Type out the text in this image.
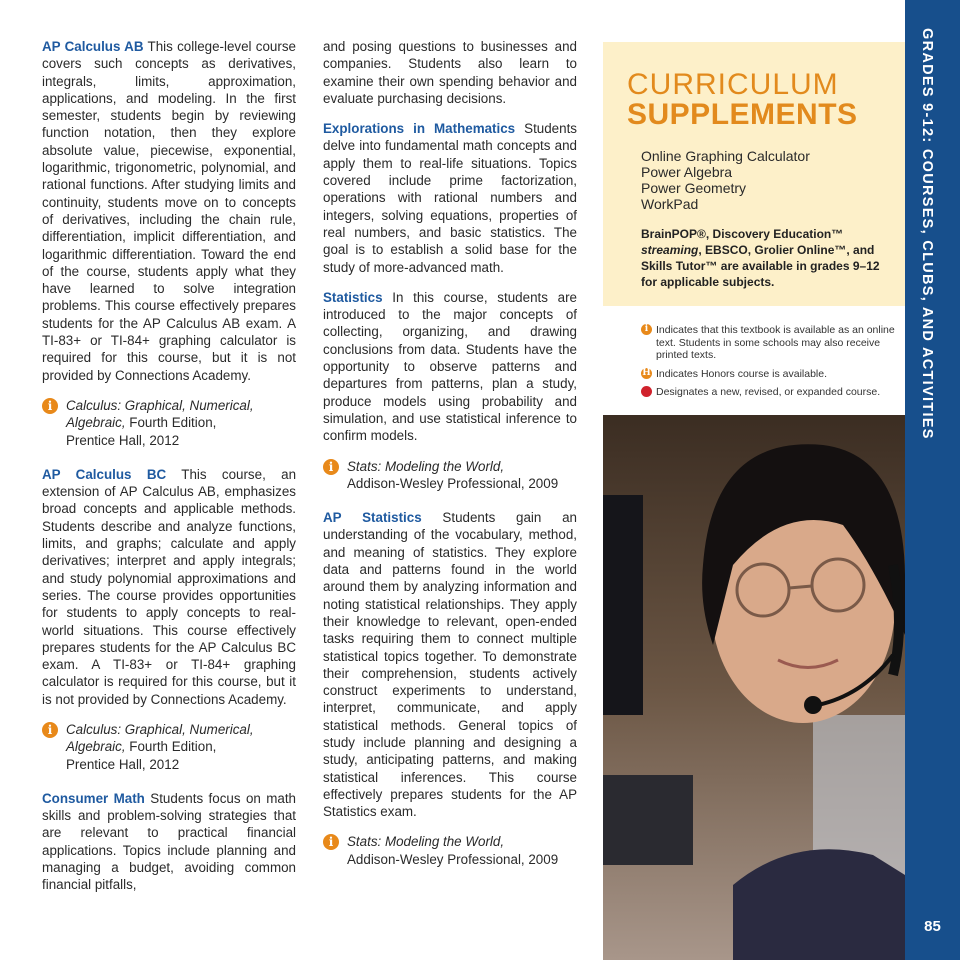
AP Calculus AB This college-level course covers such concepts as derivatives, integrals, limits, approximation, applications, and modeling. In the first semester, students begin by reviewing function notation, then they explore absolute value, piecewise, exponential, logarithmic, trigonometric, polynomial, and rational functions. After studying limits and continuity, students move on to concepts of derivatives, including the chain rule, differentiation, implicit differentiation, and logarithmic differentiation. Toward the end of the course, students apply what they have learned to solve integration problems. This course effectively prepares students for the AP Calculus AB exam. A TI-83+ or TI-84+ graphing calculator is required for this course, but it is not provided by Connections Academy.

i	Calculus: Graphical, Numerical, Algebraic, Fourth Edition,
Prentice Hall, 2012

AP Calculus BC This course, an extension of AP Calculus AB, emphasizes broad concepts and applicable methods. Students describe and analyze functions, limits, and graphs; calculate and apply derivatives; interpret and apply integrals; and study polynomial approximations and series. The course provides opportunities for students to apply concepts to real-world situations. This course effectively prepares students for the AP Calculus BC exam. A TI-83+ or TI-84+ graphing calculator is required for this course, but it is not provided by Connections Academy.

i	Calculus: Graphical, Numerical, Algebraic, Fourth Edition,
Prentice Hall, 2012

Consumer Math Students focus on math skills and problem-solving strategies that are relevant to practical financial applications. Topics include planning and managing a budget, avoiding common financial pitfalls,

and posing questions to businesses and companies. Students also learn to examine their own spending behavior and evaluate purchasing decisions.

Explorations in Mathematics Students delve into fundamental math concepts and apply them to real-life situations. Topics covered include prime factorization, operations with rational numbers and integers, solving equations, properties of real numbers, and basic statistics. The goal is to establish a solid base for the study of more-advanced math.

Statistics In this course, students are introduced to the major concepts of collecting, organizing, and drawing conclusions from data. Students have the opportunity to observe patterns and departures from patterns, plan a study, produce models using probability and simulation, and use statistical inference to confirm models.

i	Stats: Modeling the World,
Addison-Wesley Professional, 2009

AP Statistics Students gain an understanding of the vocabulary, method, and meaning of statistics. They explore data and patterns found in the world around them by analyzing information and noting statistical relationships. They apply their knowledge to relevant, open-ended tasks requiring them to connect multiple statistical topics together. To demonstrate their comprehension, students actively construct experiments to understand, interpret, communicate, and apply statistical methods. General topics of study include planning and designing a study, anticipating patterns, and making statistical inferences. This course effectively prepares students for the AP Statistics exam.

i	Stats: Modeling the World,
Addison-Wesley Professional, 2009
CURRICULUM
SUPPLEMENTS
Online Graphing Calculator
Power Algebra
Power Geometry
WorkPad
BrainPOP®, Discovery Education™
streaming, EBSCO, Grolier Online™, and Skills Tutor™ are available in grades 9–12 for applicable subjects.
i Indicates that this textbook is available as an online text. Students in some schools may also receive printed texts.
H Indicates Honors course is available.
Designates a new, revised, or expanded course.	GRADES 9-12: COURSES, CLUBS, AND ACTIVITIES
85
